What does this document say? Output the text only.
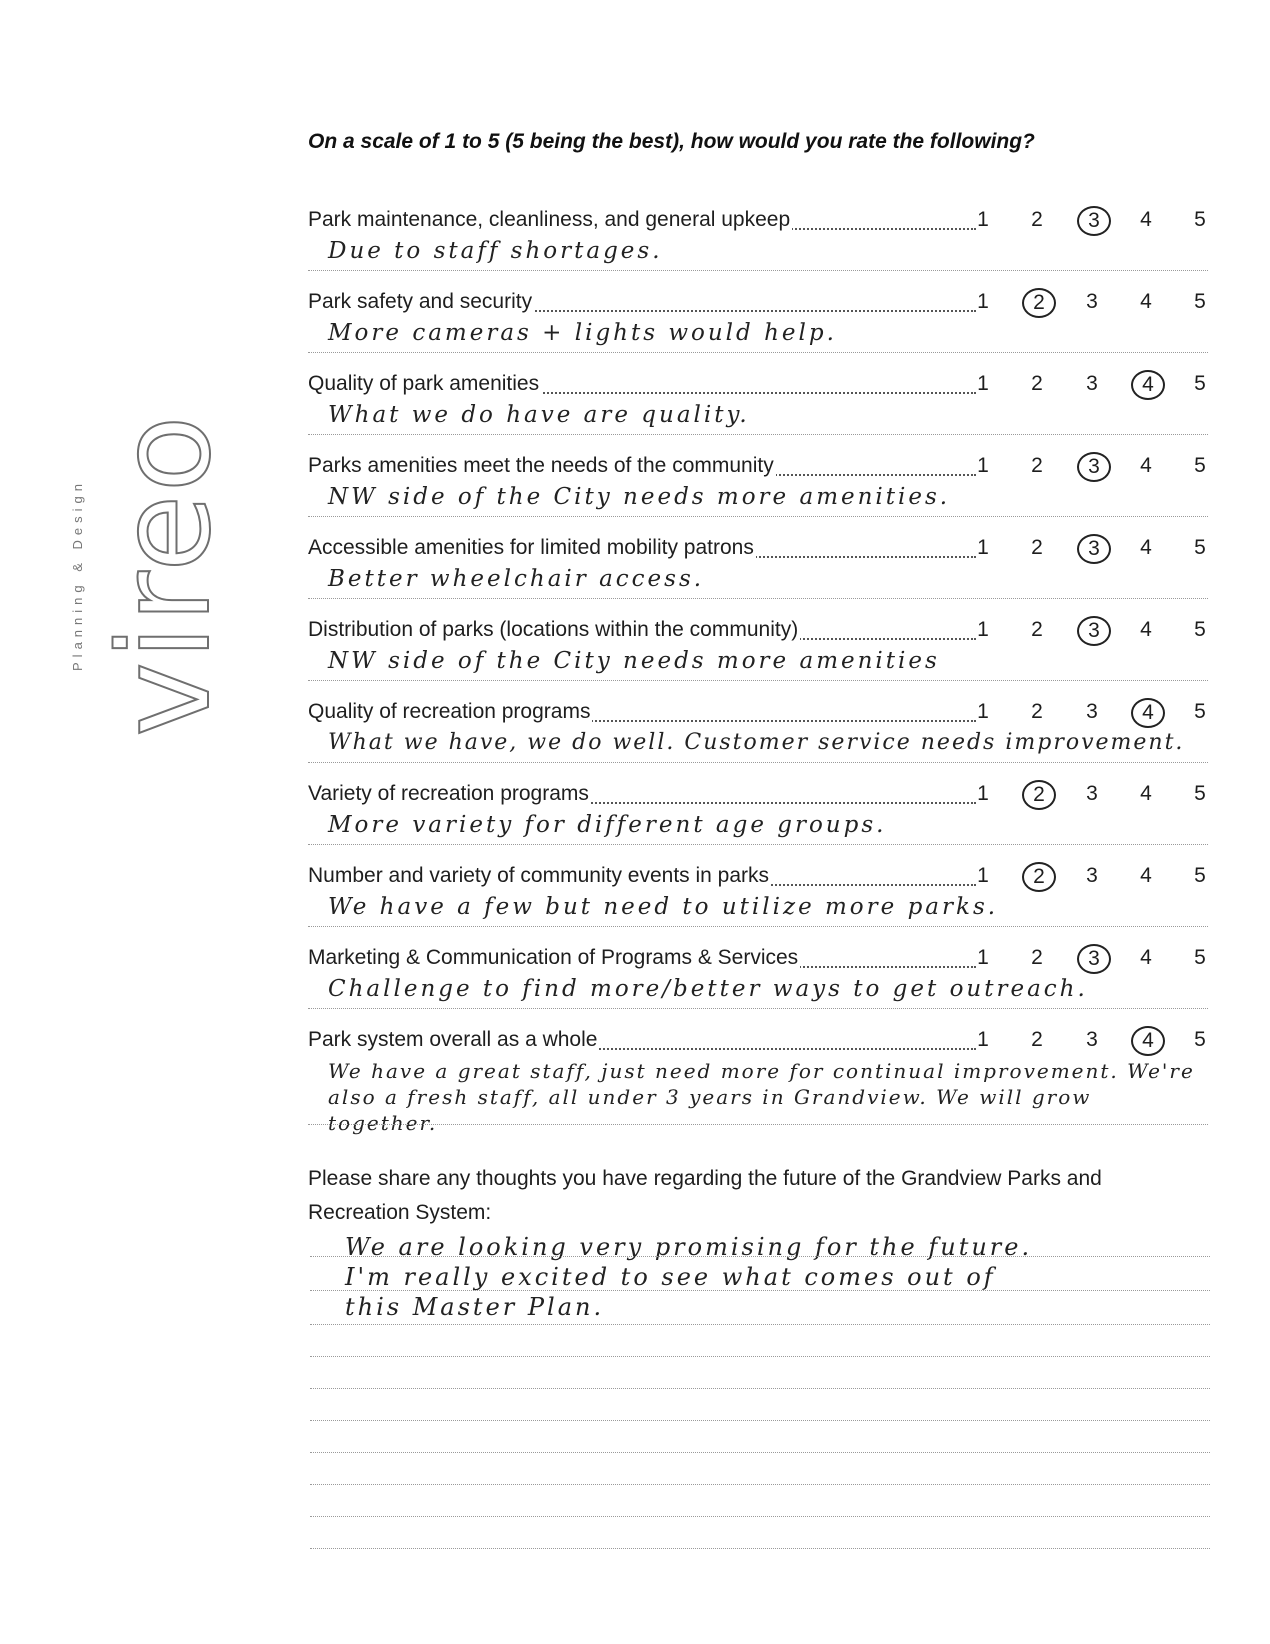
vireo
Planning & Design
On a scale of 1 to 5 (5 being the best), how would you rate the following?
Park maintenance, cleanliness, and general upkeep	1	2	3	4	5
Due to staff shortages.
Park safety and security	1	2	3	4	5
More cameras + lights would help.
Quality of park amenities	1	2	3	4	5
What we do have are quality.
Parks amenities meet the needs of the community	1	2	3	4	5
NW side of the City needs more amenities.
Accessible amenities for limited mobility patrons	1	2	3	4	5
Better wheelchair access.
Distribution of parks (locations within the community)	1	2	3	4	5
NW side of the City needs more amenities
Quality of recreation programs	1	2	3	4	5
What we have, we do well. Customer service needs improvement.
Variety of recreation programs	1	2	3	4	5
More variety for different age groups.
Number and variety of community events in parks	1	2	3	4	5
We have a few but need to utilize more parks.
Marketing & Communication of Programs & Services	1	2	3	4	5
Challenge to find more/better ways to get outreach.
Park system overall as a whole	1	2	3	4	5
We have a great staff, just need more for continual improvement. We're also a fresh staff, all under 3 years in Grandview. We will grow together.
Please share any thoughts you have regarding the future of the Grandview Parks and Recreation System:
We are looking very promising for the future.
I'm really excited to see what comes out of
this Master Plan.
